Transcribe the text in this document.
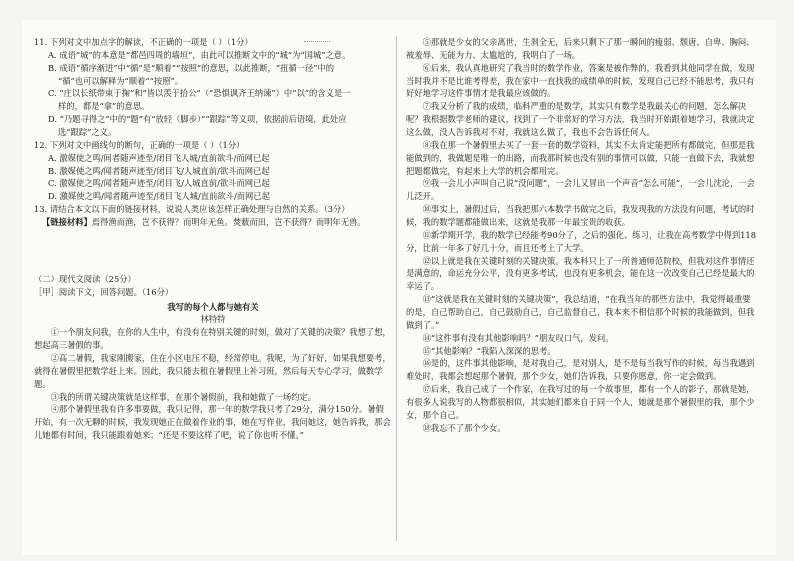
11. 下列对文中加点字的解读，不正确的一项是（ ）（1分）

A. 成语“城”的本意是“都邑四周的墙垣”，由此可以推断文中的“城”为“国城”之意。

B. 成语“循序渐进”中“循”是“顺着”“按照”的意思，以此推断，“扭循一径”中的

“循”也可以解释为“顺着”“按照”。

C. “庄以长纸带束于掬”和“皆以羡于拾公”（“恐惧讽齐王纳谏”）中“以”的含义是一

样的，都是“拿”的意思。

D. “乃题寻得之”中的“题”有“放轻（脚步）”“跟踪”等义项，依据前后语境，此处应

选“跟踪”之义。

12. 下列对文中画线句的断句，正确的一项是（ ）（1分）

A. 激媒使之鸣/间者随声迹至/闭目飞人城/直前欲斗/而网已起

B. 激媒使之鸣/闻者随声迹至/闭目飞/人城直前/欲斗而网已起

C. 激媒使之鸣/闻者随声迹至/闭目飞/人城直前/欲斗而网已起

D. 激媒使之鸣/闻者随声迹至/闭目飞人城/直前欲斗/而网已起

13. 请结合本文以下面的链接材料，说说人类应该怎样正确处理与自然的关系。（3分）

【链接材料】焉得渔而渔，岂不获得？而明年无鱼。焚薮而田，岂不获得？而明年无兽。

（二）现代文阅读（25分）

［甲］阅读下文，回答问题。（16分）

我写的每个人都与她有关

林特特

①一个朋友问我，在你的人生中，有没有在特别关键的时刻，做对了关键的决策？我想了想，想起高三暑假的事。

②高二暑假，我家刚搬家，住在小区电压不稳，经常停电。我呢，为了好好，如果我想要考，就得在暑假里把数学赶上来。因此，我只能去租在暑假里上补习班，然后每天专心学习，做数学题。

③我的所谓关键决策就是这样事，在那个暑假前，我和她做了一场约定。

④那个暑假里我有许多事要做，我只记得，那一年的数学我只考了29分，满分150分。暑假开始，有一次无聊的时候，我发现她正在做着作业的事，她在写作业，我问她这，她告诉我，那会儿她都有时间，我只能跟着她来；“还是不要这样了吧，说了你也听不懂。”

⑤那就是少女的父亲离世，生刹全无，后来只剩下了那一瞬间的瘦弱、颓唐、自卑、胸闷、被羞辱、无能为力、太尴尬的，我明白了一场。

⑥后来，我认真地研究了我当时的数学作业，答案是被作弊的，我看到其他同学在做，发现当时我并不是比谁考得差，我在家中一直找我的成绩单的时候，发现自己已经不能思考，我只有好好地学习这件事情才是我最应该做的。

⑦我又分析了我的成绩，临科严重的是数学，其实只有数学是我最关心的问题，怎么解决呢？我根据数学老师的建议，找到了一个非常好的学习方法，我当时开始跟着她学习，我就决定这么做，没人告诉我对不对，我就这么做了，我也不会告诉任何人。

⑧我在那一个暑假里去买了一套一套的数学资料，其实不太肯定能把所有都做完，但那是我能做到的，我做题是唯一的出路，而我那时候也没有别的事情可以做，只能一直做下去，我就想把题都做完，有起来上大学的机会都用完。

⑨我一会儿小声叫自己说“没问题”，一会儿又冒出一个声音“怎么可能”，一会儿沈沦，一会儿泛开。

⑩事实上，暑假过后，当我把那六本数学书做完之后，我发现我的方法没有问题，考试的时候，我的数学题都能做出来，这就是我那一年最宝贵的收获。

⑪新学期开学，我的数学已经能考90分了，之后的强化、练习，让我在高考数学中得到118分，比前一年多了好几十分，而且还考上了大学。

⑫以上就是我在关键时刻的关键决策。我本科只上了一所普通师范院校，但我对这件事情还是满意的，命运充分公平，没有更多考试，也没有更多机会，能在这一次改变自己已经是最大的幸运了。

⑬“这就是我在关键时刻的关键决策”，我总结道，“在我当年的那些方法中，我觉得最重要的是，自己帮助自己，自己鼓励自己，自己监督自己，我本来不相信那个时候的我能做到，但我做到了。”

⑭“这件事有没有其他影响吗？”朋友叹口气，发问。

⑮“其他影响？”我陷入深深的思考。

⑯是的，这件事其他影响，是对我自己，是对别人，是不是每当我写作的时候，每当我遇到难处时，我都会想起那个暑假，那个少女，她们告诉我，只要你愿意，你一定会做到。

⑰后来，我自己成了一个作家，在我写过的每一个故事里，都有一个人的影子，那就是她，有很多人说我写的人物都很相似，其实她们都来自于同一个人，她就是那个暑假里的我，那个少女，那个自己。

⑱我忘不了那个少女。
